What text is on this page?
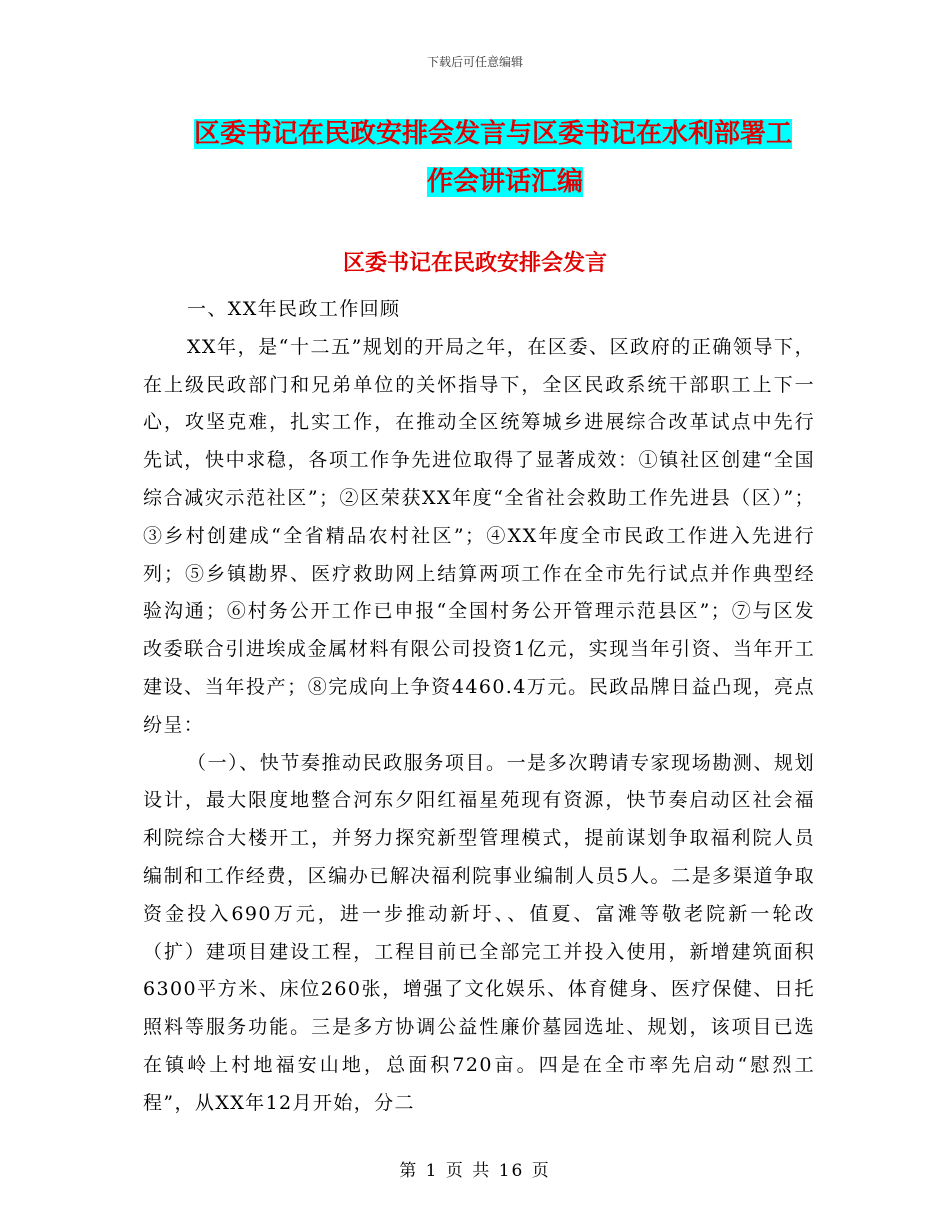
下载后可任意编辑
区委书记在民政安排会发言与区委书记在水利部署工
作会讲话汇编
区委书记在民政安排会发言

一、XX年民政工作回顾

XX年，是“十二五”规划的开局之年，在区委、区政府的正确领导下，在上级民政部门和兄弟单位的关怀指导下，全区民政系统干部职工上下一心，攻坚克难，扎实工作，在推动全区统筹城乡进展综合改革试点中先行先试，快中求稳，各项工作争先进位取得了显著成效：①镇社区创建“全国综合减灾示范社区”；②区荣获XX年度“全省社会救助工作先进县（区）”；③乡村创建成“全省精品农村社区”；④XX年度全市民政工作进入先进行列；⑤乡镇勘界、医疗救助网上结算两项工作在全市先行试点并作典型经验沟通；⑥村务公开工作已申报“全国村务公开管理示范县区”；⑦与区发改委联合引进埃成金属材料有限公司投资1亿元，实现当年引资、当年开工建设、当年投产；⑧完成向上争资4460.4万元。民政品牌日益凸现，亮点纷呈：

（一）、快节奏推动民政服务项目。一是多次聘请专家现场勘测、规划设计，最大限度地整合河东夕阳红福星苑现有资源，快节奏启动区社会福利院综合大楼开工，并努力探究新型管理模式，提前谋划争取福利院人员编制和工作经费，区编办已解决福利院事业编制人员5人。二是多渠道争取资金投入690万元，进一步推动新圩、、值夏、富滩等敬老院新一轮改（扩）建项目建设工程，工程目前已全部完工并投入使用，新增建筑面积6300平方米、床位260张，增强了文化娱乐、体育健身、医疗保健、日托照料等服务功能。三是多方协调公益性廉价墓园选址、规划，该项目已选在镇岭上村地福安山地，总面积720亩。四是在全市率先启动“慰烈工程”，从XX年12月开始，分二

第 1 页 共 16 页
